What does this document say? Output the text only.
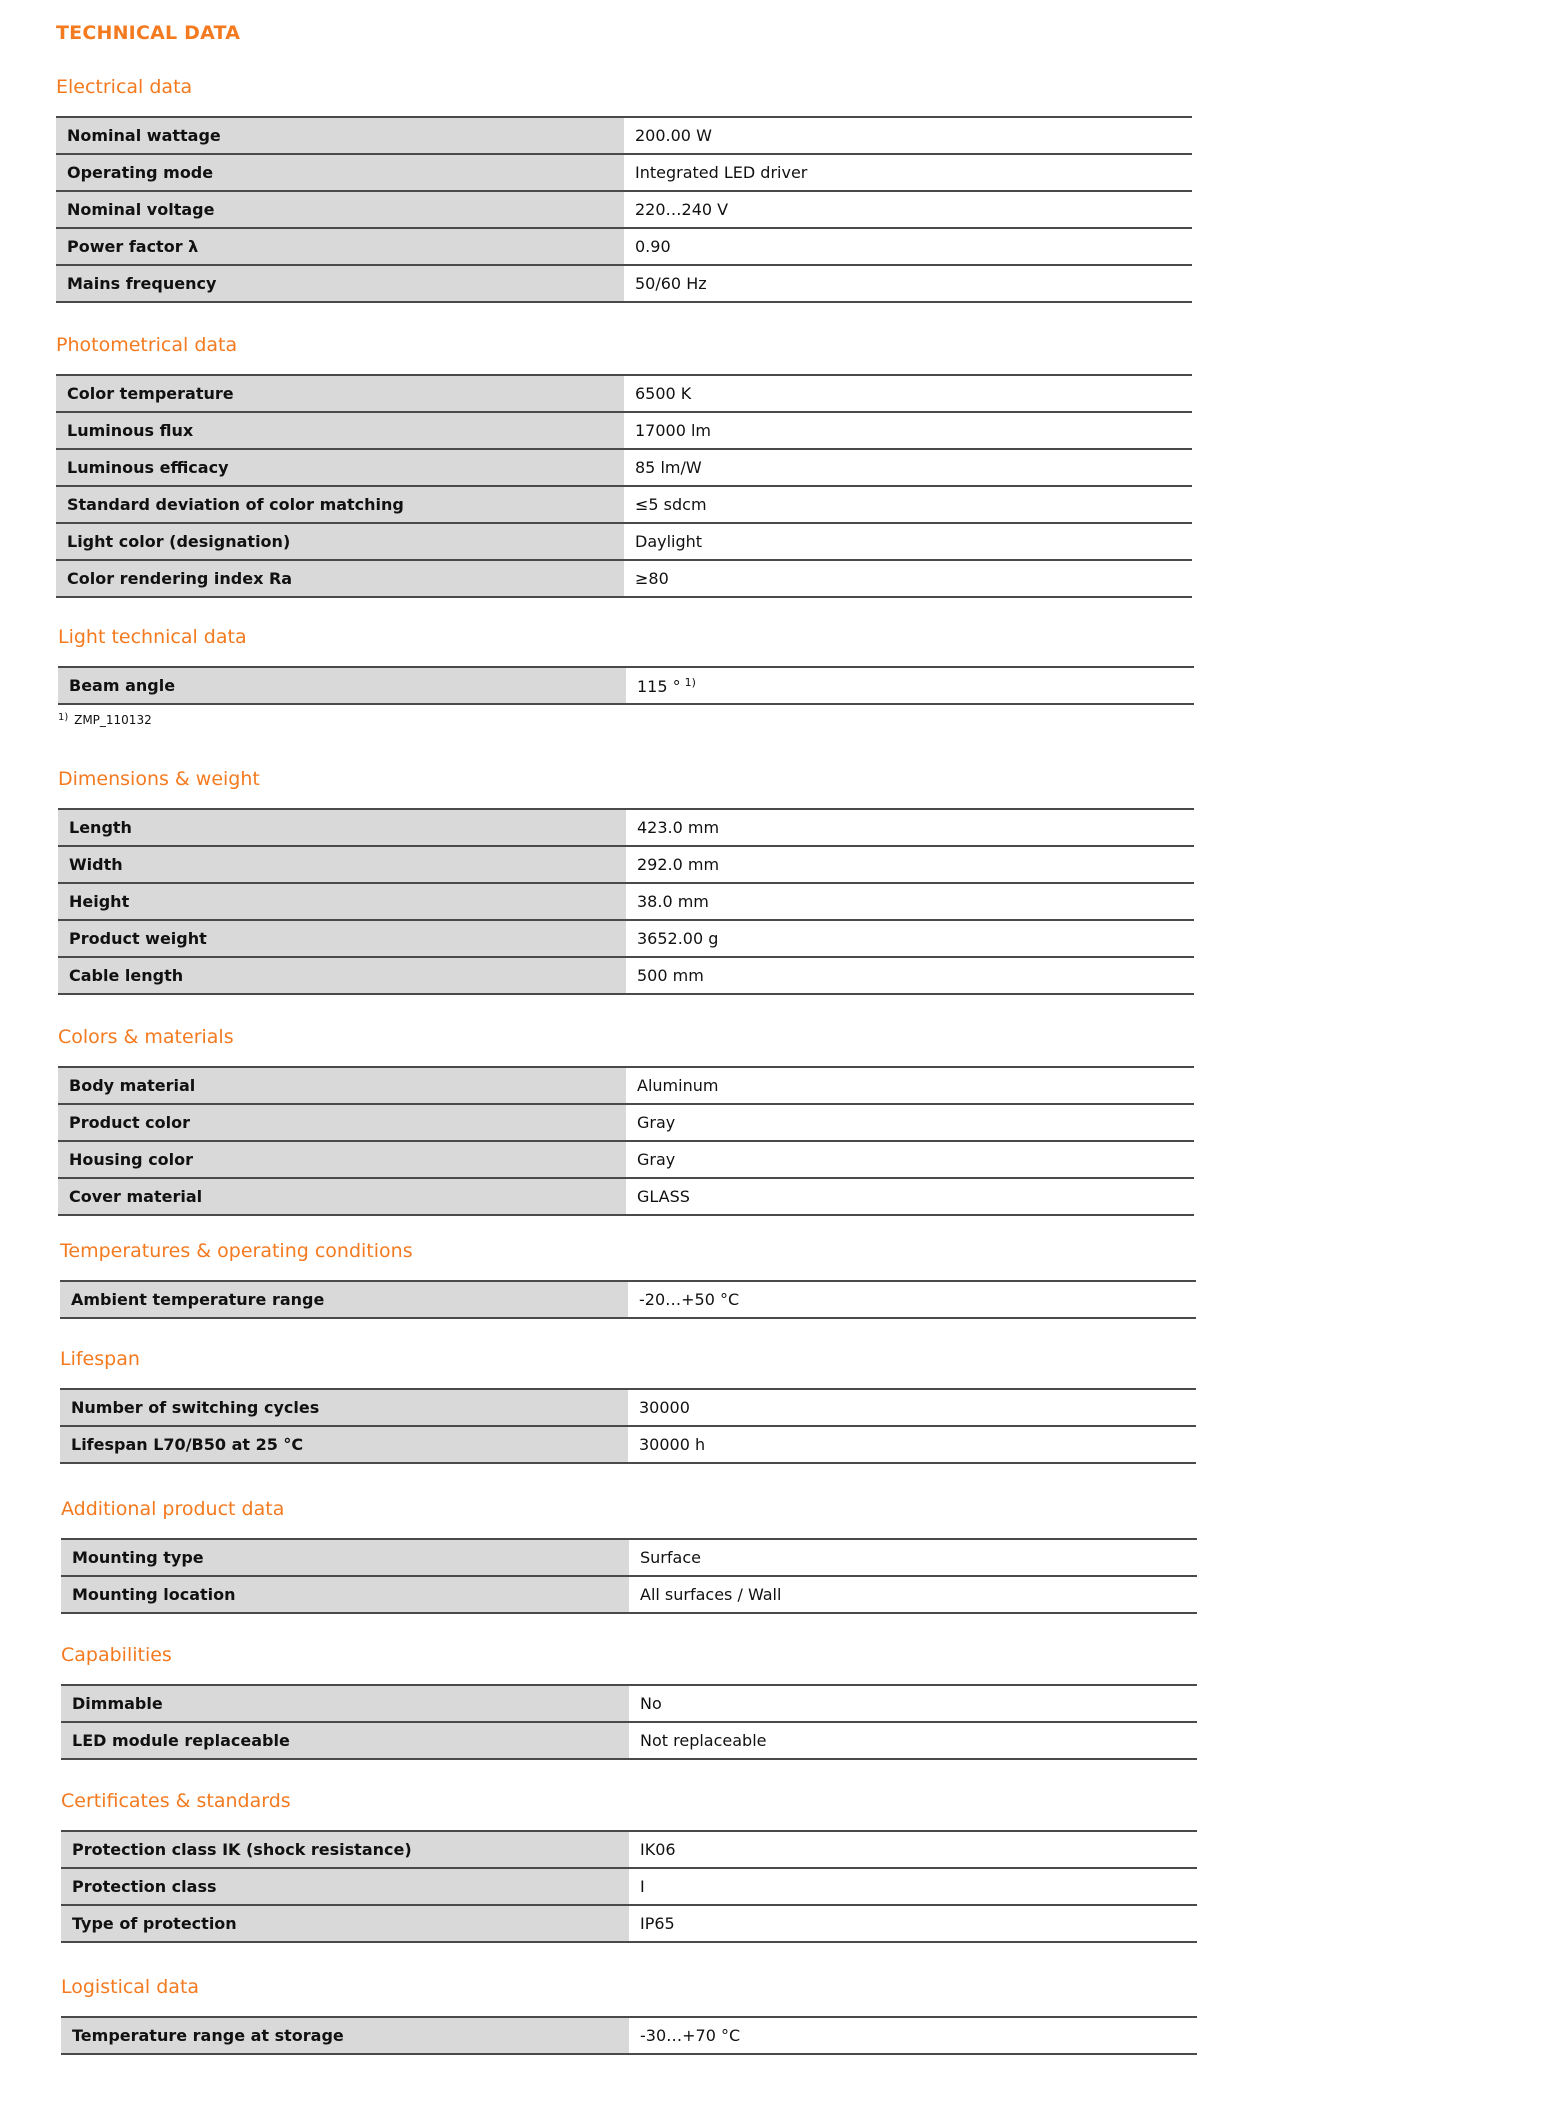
TECHNICAL DATA
Electrical data
Nominal wattage	200.00 W
Operating mode	Integrated LED driver
Nominal voltage	220…240 V
Power factor λ	0.90
Mains frequency	50/60 Hz
Photometrical data
Color temperature	6500 K
Luminous flux	17000 lm
Luminous efficacy	85 lm/W
Standard deviation of color matching	≤5 sdcm
Light color (designation)	Daylight
Color rendering index Ra	≥80
Light technical data
Beam angle	115 ° $^{1)}$
Dimensions & weight
Length	423.0 mm
Width	292.0 mm
Height	38.0 mm
Product weight	3652.00 g
Cable length	500 mm
Colors & materials
Body material	Aluminum
Product color	Gray
Housing color	Gray
Cover material	GLASS
Temperatures & operating conditions
Ambient temperature range	-20…+50 °C
Lifespan
Number of switching cycles	30000
Lifespan L70/B50 at 25 °C	30000 h
Additional product data
Mounting type	Surface
Mounting location	All surfaces / Wall
Capabilities
Dimmable	No
LED module replaceable	Not replaceable
Certificates & standards
Protection class IK (shock resistance)	IK06
Protection class	I
Type of protection	IP65
Logistical data
Temperature range at storage	-30…+70 °C
$^{1)}$ ZMP_110132
